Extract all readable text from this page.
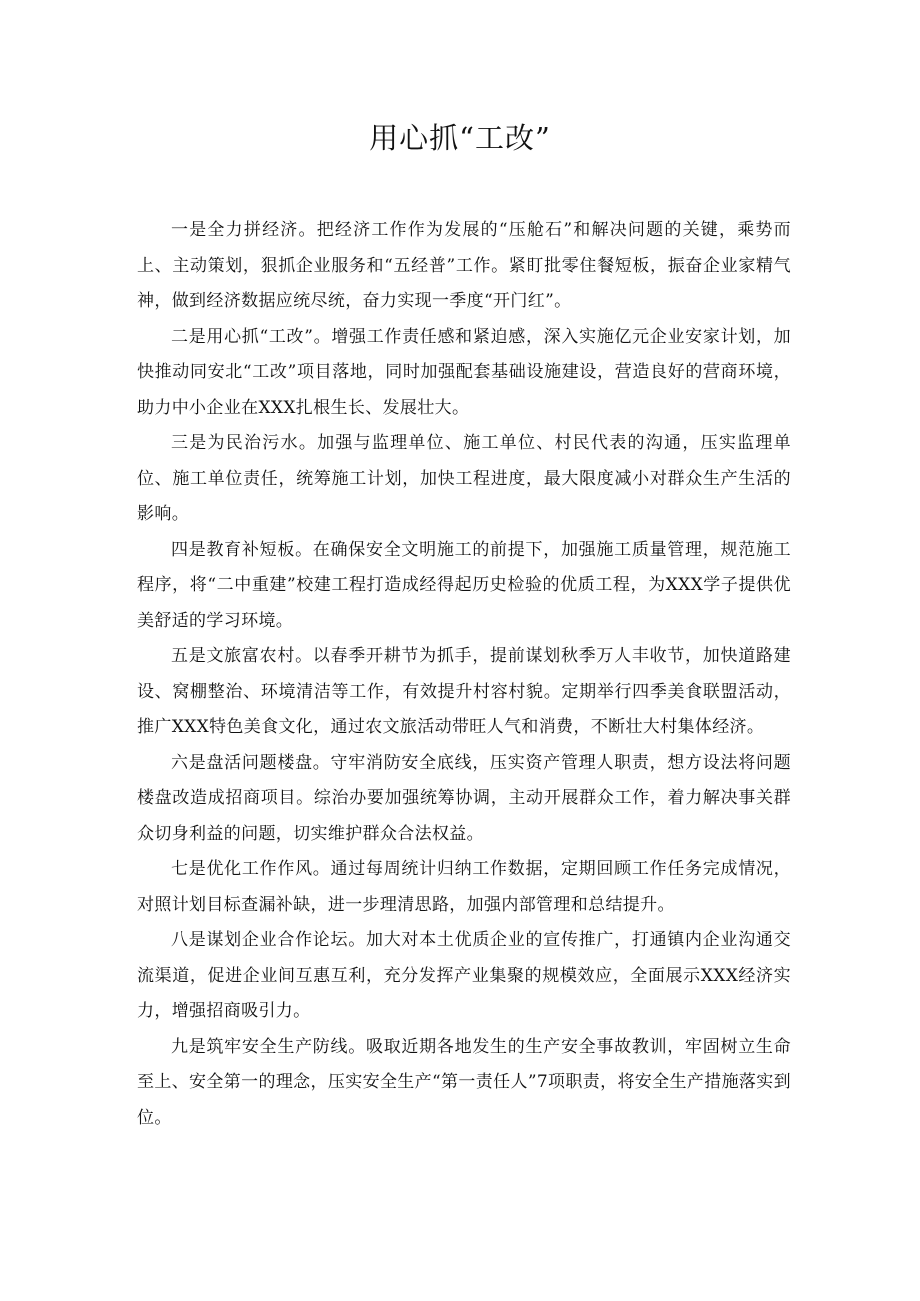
用心抓“工改”

一是全力拼经济。把经济工作作为发展的“压舱石”和解决问题的关键，乘势而上、主动策划，狠抓企业服务和“五经普”工作。紧盯批零住餐短板，振奋企业家精气神，做到经济数据应统尽统，奋力实现一季度“开门红”。

二是用心抓“工改”。增强工作责任感和紧迫感，深入实施亿元企业安家计划，加快推动同安北“工改”项目落地，同时加强配套基础设施建设，营造良好的营商环境，助力中小企业在XXX扎根生长、发展壮大。

三是为民治污水。加强与监理单位、施工单位、村民代表的沟通，压实监理单位、施工单位责任，统筹施工计划，加快工程进度，最大限度减小对群众生产生活的影响。

四是教育补短板。在确保安全文明施工的前提下，加强施工质量管理，规范施工程序，将“二中重建”校建工程打造成经得起历史检验的优质工程，为XXX学子提供优美舒适的学习环境。

五是文旅富农村。以春季开耕节为抓手，提前谋划秋季万人丰收节，加快道路建设、窝棚整治、环境清洁等工作，有效提升村容村貌。定期举行四季美食联盟活动，推广XXX特色美食文化，通过农文旅活动带旺人气和消费，不断壮大村集体经济。

六是盘活问题楼盘。守牢消防安全底线，压实资产管理人职责，想方设法将问题楼盘改造成招商项目。综治办要加强统筹协调，主动开展群众工作，着力解决事关群众切身利益的问题，切实维护群众合法权益。

七是优化工作作风。通过每周统计归纳工作数据，定期回顾工作任务完成情况，对照计划目标查漏补缺，进一步理清思路，加强内部管理和总结提升。

八是谋划企业合作论坛。加大对本土优质企业的宣传推广，打通镇内企业沟通交流渠道，促进企业间互惠互利，充分发挥产业集聚的规模效应，全面展示XXX经济实力，增强招商吸引力。

九是筑牢安全生产防线。吸取近期各地发生的生产安全事故教训，牢固树立生命至上、安全第一的理念，压实安全生产“第一责任人”7项职责，将安全生产措施落实到位。
